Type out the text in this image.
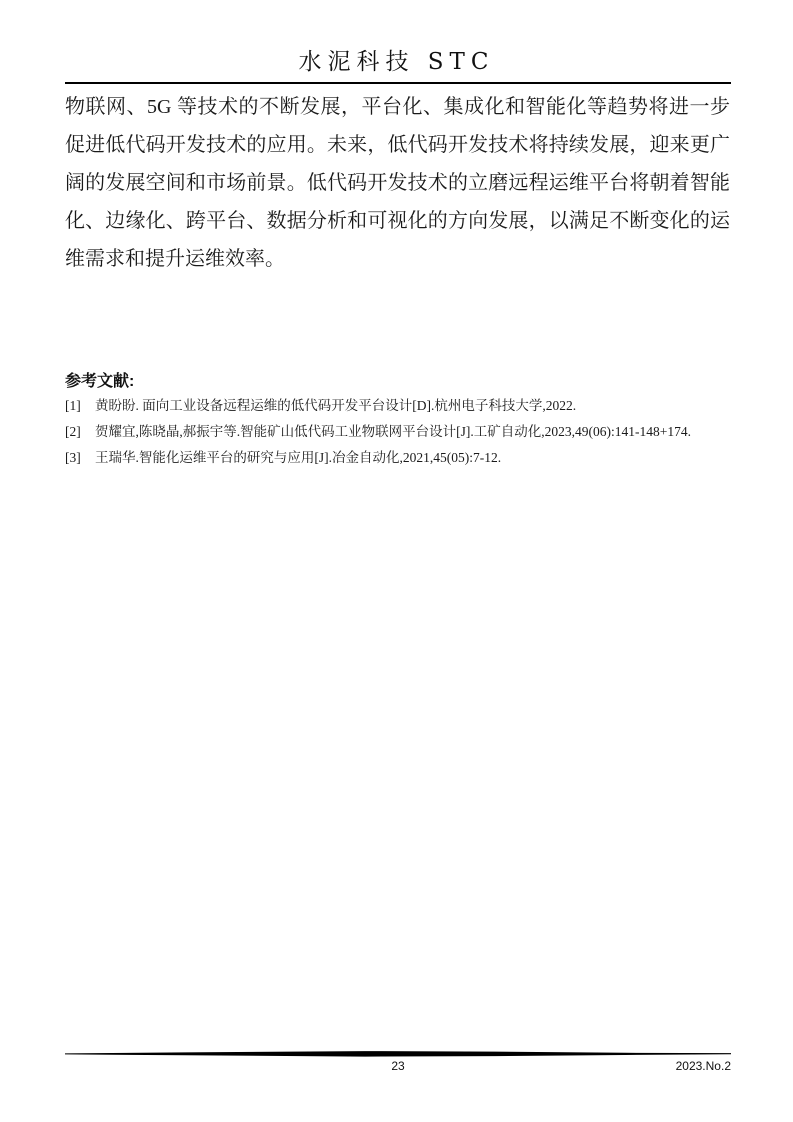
水泥科技 STC

物联网、5G 等技术的不断发展，平台化、集成化和智能化等趋势将进一步促进低代码开发技术的应用。未来，低代码开发技术将持续发展，迎来更广阔的发展空间和市场前景。低代码开发技术的立磨远程运维平台将朝着智能化、边缘化、跨平台、数据分析和可视化的方向发展，以满足不断变化的运维需求和提升运维效率。

参考文献:
[1]	黄盼盼. 面向工业设备远程运维的低代码开发平台设计[D].杭州电子科技大学,2022.
[2]	贺耀宜,陈晓晶,郝振宇等.智能矿山低代码工业物联网平台设计[J].工矿自动化,2023,49(06):141-148+174.
[3]	王瑞华.智能化运维平台的研究与应用[J].冶金自动化,2021,45(05):7-12.
23	2023.No.2
